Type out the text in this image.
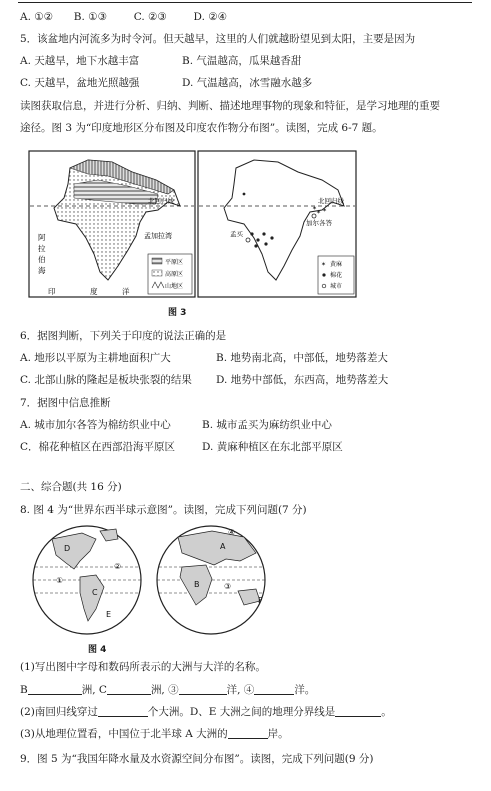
A. ①② B. ①③	C. ②③	D. ②④
5．该盆地内河流多为时令河。但天越早，这里的人们就越盼望见到太阳，主要是因为
A. 天越旱，地下水越丰富	B. 气温越高，瓜果越香甜
C. 天越旱，盆地光照越强	D. 气温越高，冰雪融水越多
读图获取信息，并进行分析、归纳、判断、描述地理事物的现象和特征，是学习地理的重要
途径。图 3 为“印度地形区分布图及印度农作物分布图”。读图，完成 6-7 题。
北回归线
阿
拉
伯
海
孟加拉湾
印	度	洋
平原区
高原区
山地区
北回归线
✶ ✶
✶
加尔各答
孟买
✶ 黄麻
棉花
城市
图 3
6．据图判断，下列关于印度的说法正确的是
A. 地形以平原为主耕地面积广大	B. 地势南北高，中部低，地势落差大
C. 北部山脉的隆起是板块张裂的结果 D. 地势中部低，东西高，地势落差大
7．据图中信息推断
A. 城市加尔各答为棉纺织业中心	B. 城市孟买为麻纺织业中心
C．棉花种植区在西部沿海平原区	D. 黄麻种植区在东北部平原区
二、综合题(共 16 分)
8. 图 4 为“世界东西半球示意图”。读图，完成下列问题(7 分)
D
C
①
②
E
A
B	③
④
F
图 4
(1)写出图中字母和数码所表示的大洲与大洋的名称。
B	洲, C	洲, ③	洋, ④	洋。
(2)南回归线穿过	个大洲。D、E 大洲之间的地理分界线是	。
(3)从地理位置看，中国位于北半球 A 大洲的	岸。
9．图 5 为“我国年降水量及水资源空间分布图”。读图，完成下列问题(9 分)
